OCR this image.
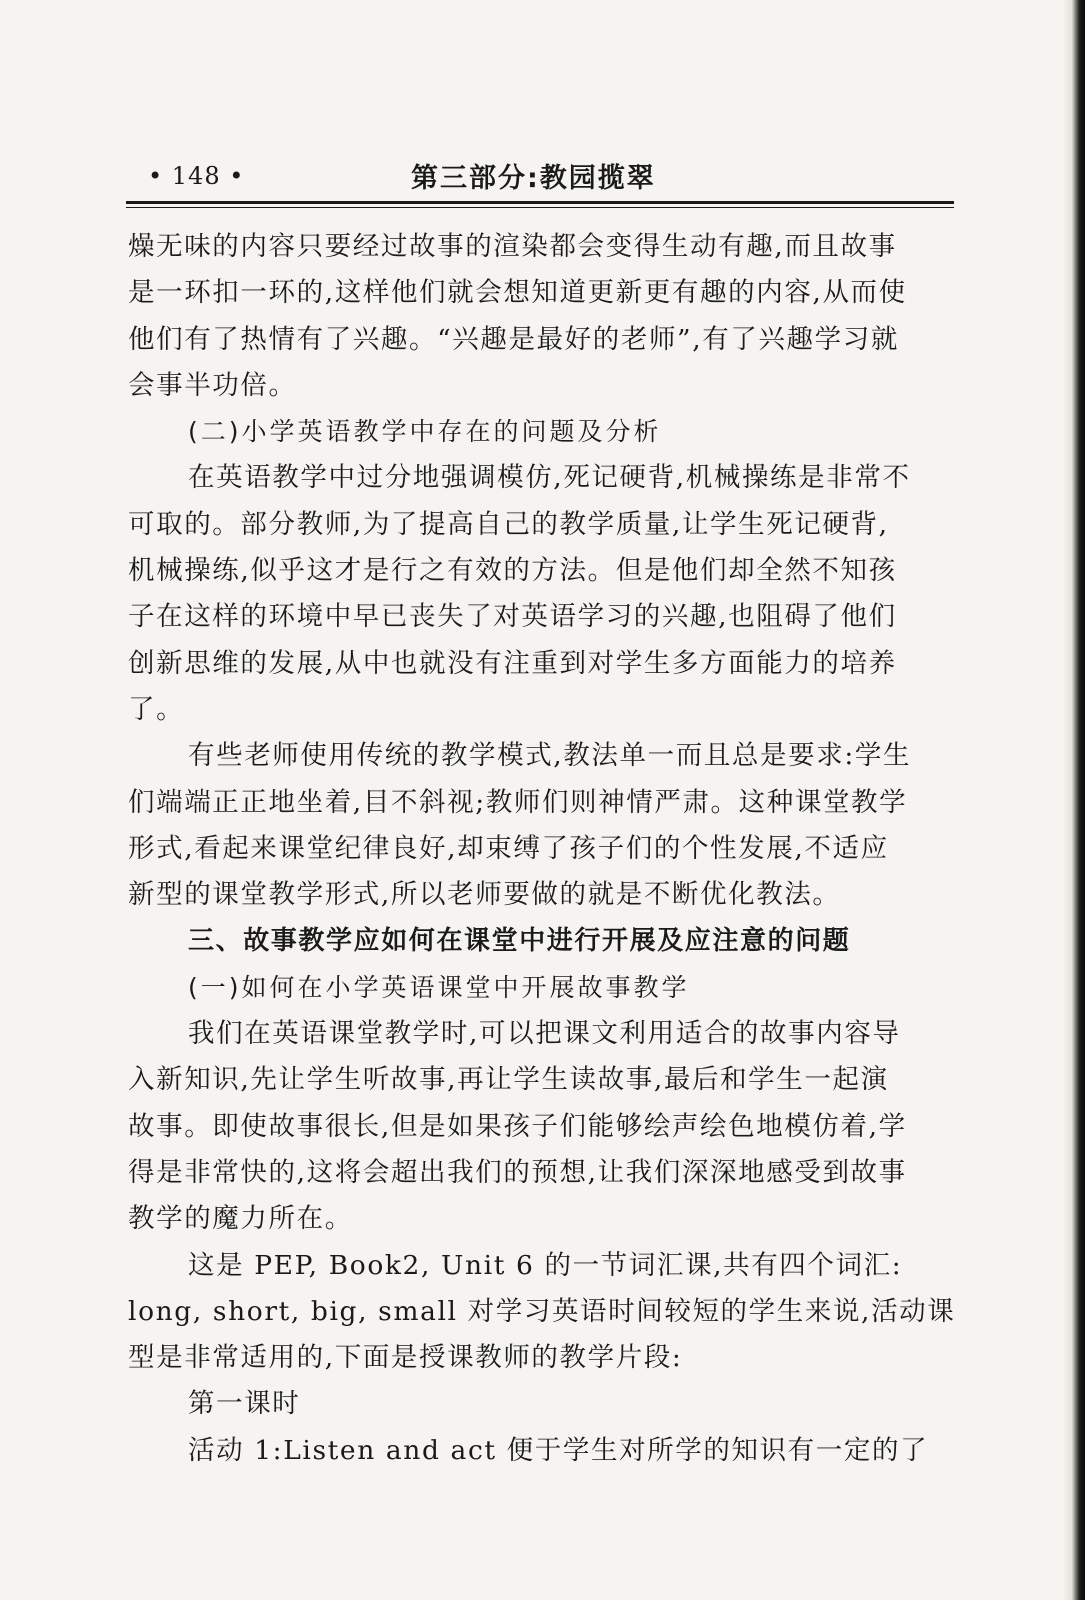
• 148 •	第三部分:教园揽翠
燥无味的内容只要经过故事的渲染都会变得生动有趣,而且故事
是一环扣一环的,这样他们就会想知道更新更有趣的内容,从而使
他们有了热情有了兴趣。“兴趣是最好的老师”,有了兴趣学习就
会事半功倍。
(二)小学英语教学中存在的问题及分析
在英语教学中过分地强调模仿,死记硬背,机械操练是非常不
可取的。部分教师,为了提高自己的教学质量,让学生死记硬背,
机械操练,似乎这才是行之有效的方法。但是他们却全然不知孩
子在这样的环境中早已丧失了对英语学习的兴趣,也阻碍了他们
创新思维的发展,从中也就没有注重到对学生多方面能力的培养
了。
有些老师使用传统的教学模式,教法单一而且总是要求:学生
们端端正正地坐着,目不斜视;教师们则神情严肃。这种课堂教学
形式,看起来课堂纪律良好,却束缚了孩子们的个性发展,不适应
新型的课堂教学形式,所以老师要做的就是不断优化教法。
三、故事教学应如何在课堂中进行开展及应注意的问题
(一)如何在小学英语课堂中开展故事教学
我们在英语课堂教学时,可以把课文利用适合的故事内容导
入新知识,先让学生听故事,再让学生读故事,最后和学生一起演
故事。即使故事很长,但是如果孩子们能够绘声绘色地模仿着,学
得是非常快的,这将会超出我们的预想,让我们深深地感受到故事
教学的魔力所在。
这是 PEP, Book2, Unit 6 的一节词汇课,共有四个词汇:
long, short, big, small 对学习英语时间较短的学生来说,活动课
型是非常适用的,下面是授课教师的教学片段:
第一课时
活动 1:Listen and act 便于学生对所学的知识有一定的了
